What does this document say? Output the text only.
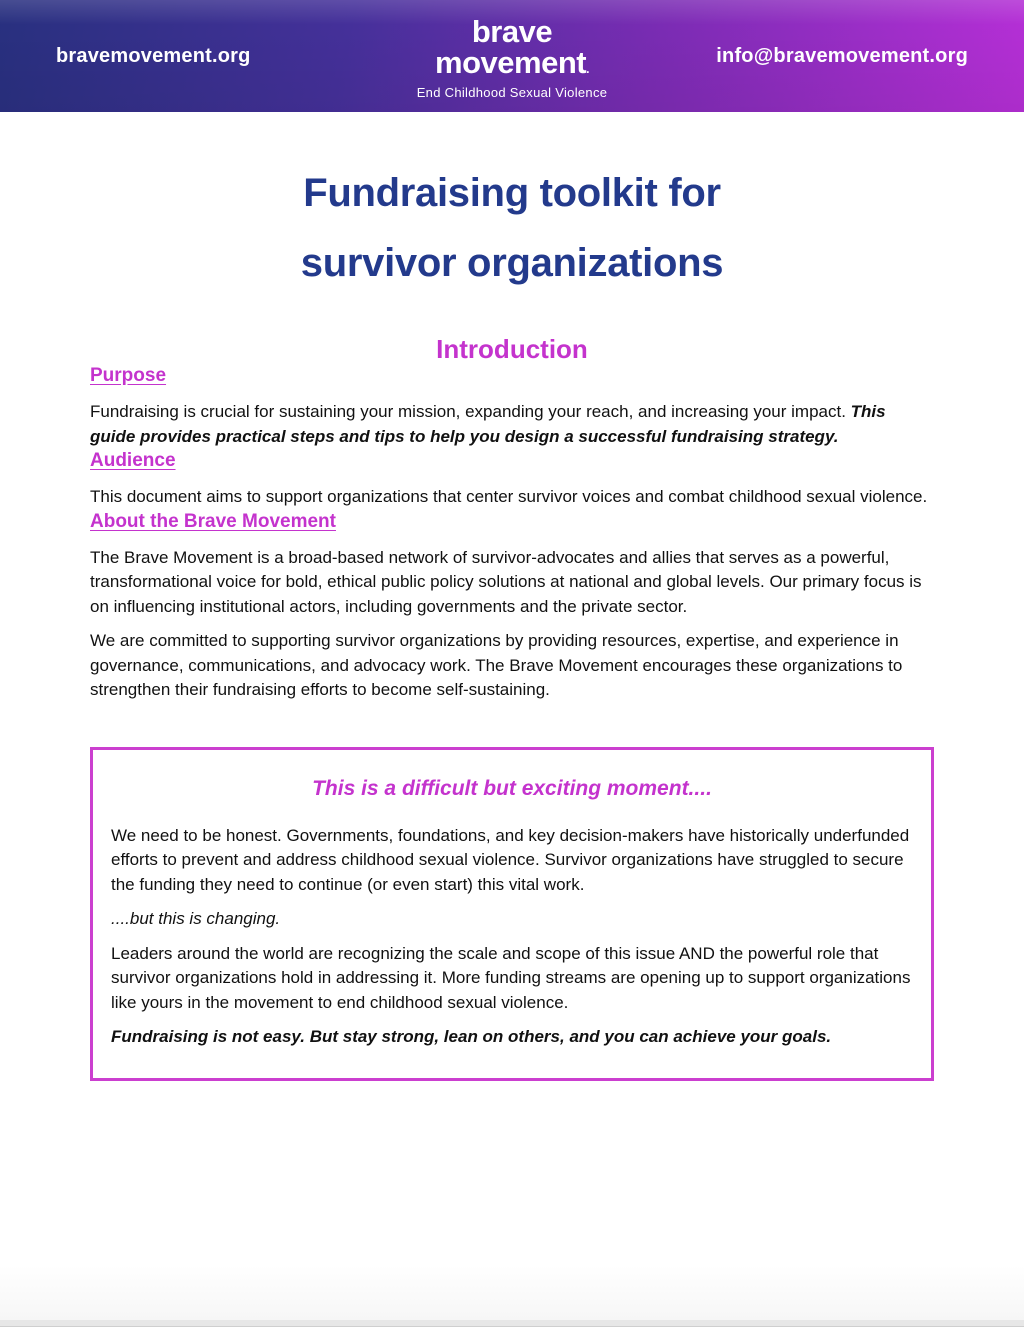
bravemovement.org
brave
movement.
End Childhood Sexual Violence
info@bravemovement.org
Fundraising toolkit for
survivor organizations
Introduction
Purpose

Fundraising is crucial for sustaining your mission, expanding your reach, and increasing your impact. This guide provides practical steps and tips to help you design a successful fundraising strategy.

Audience

This document aims to support organizations that center survivor voices and combat childhood sexual violence.

About the Brave Movement

The Brave Movement is a broad-based network of survivor-advocates and allies that serves as a powerful, transformational voice for bold, ethical public policy solutions at national and global levels. Our primary focus is on influencing institutional actors, including governments and the private sector.

We are committed to supporting survivor organizations by providing resources, expertise, and experience in governance, communications, and advocacy work. The Brave Movement encourages these organizations to strengthen their fundraising efforts to become self-sustaining.

This is a difficult but exciting moment....

We need to be honest. Governments, foundations, and key decision-makers have historically underfunded efforts to prevent and address childhood sexual violence. Survivor organizations have struggled to secure the funding they need to continue (or even start) this vital work.

....but this is changing.

Leaders around the world are recognizing the scale and scope of this issue AND the powerful role that survivor organizations hold in addressing it. More funding streams are opening up to support organizations like yours in the movement to end childhood sexual violence.

Fundraising is not easy. But stay strong, lean on others, and you can achieve your goals.
